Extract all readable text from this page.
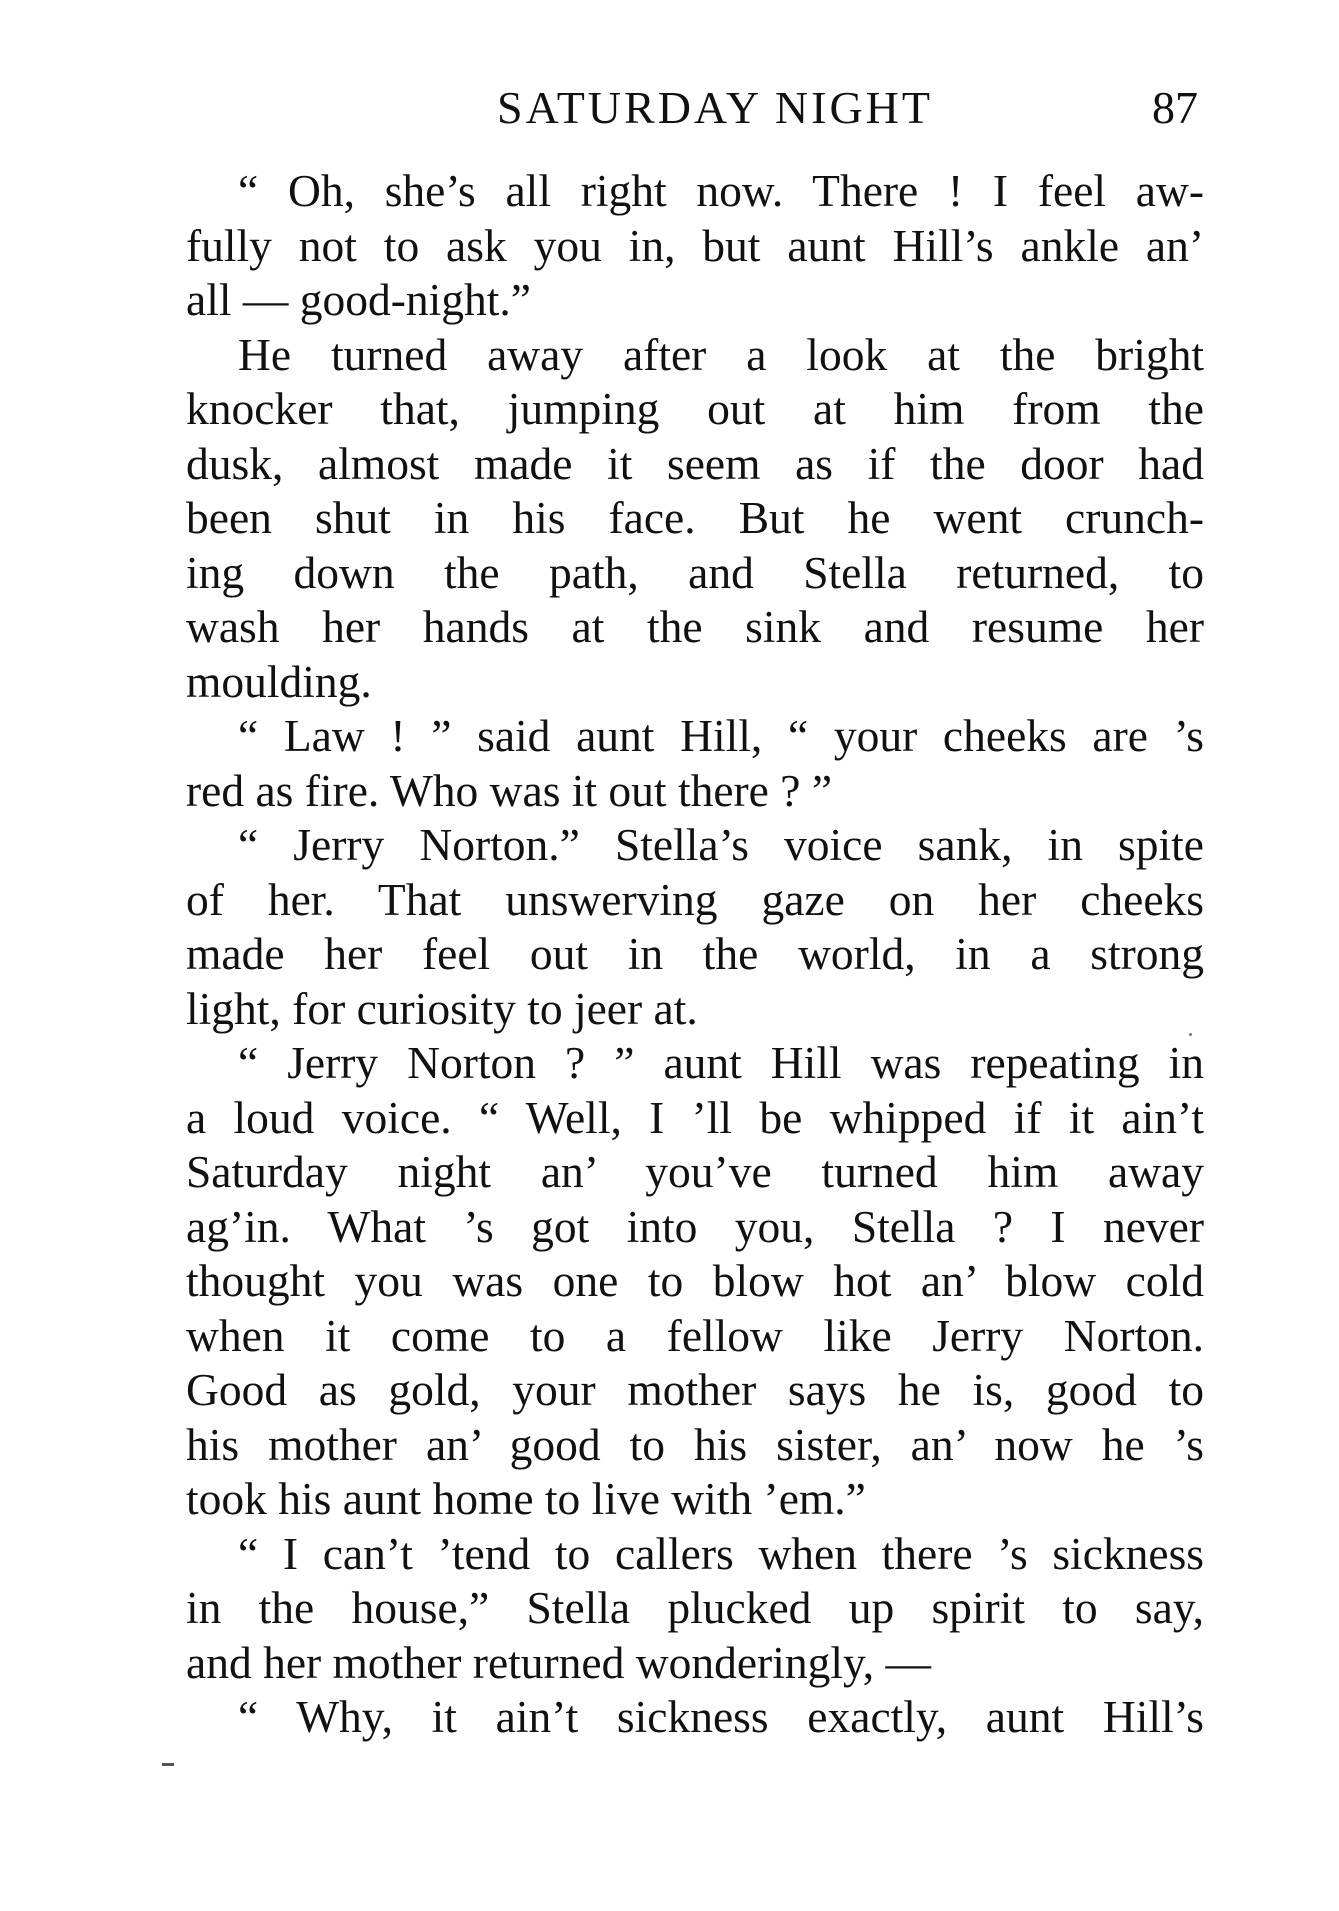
SATURDAY NIGHT	87
“ Oh, she’s all right now. There ! I feel aw-
fully not to ask you in, but aunt Hill’s ankle an’
all — good-night.”
He turned away after a look at the bright
knocker that, jumping out at him from the
dusk, almost made it seem as if the door had
been shut in his face. But he went crunch-
ing down the path, and Stella returned, to
wash her hands at the sink and resume her
moulding.
“ Law ! ” said aunt Hill, “ your cheeks are ’s
red as fire. Who was it out there ? ”
“ Jerry Norton.” Stella’s voice sank, in spite
of her. That unswerving gaze on her cheeks
made her feel out in the world, in a strong
light, for curiosity to jeer at.
“ Jerry Norton ? ” aunt Hill was repeating in
a loud voice. “ Well, I ’ll be whipped if it ain’t
Saturday night an’ you’ve turned him away
ag’in. What ’s got into you, Stella ? I never
thought you was one to blow hot an’ blow cold
when it come to a fellow like Jerry Norton.
Good as gold, your mother says he is, good to
his mother an’ good to his sister, an’ now he ’s
took his aunt home to live with ’em.”
“ I can’t ’tend to callers when there ’s sickness
in the house,” Stella plucked up spirit to say,
and her mother returned wonderingly, —
“ Why, it ain’t sickness exactly, aunt Hill’s
